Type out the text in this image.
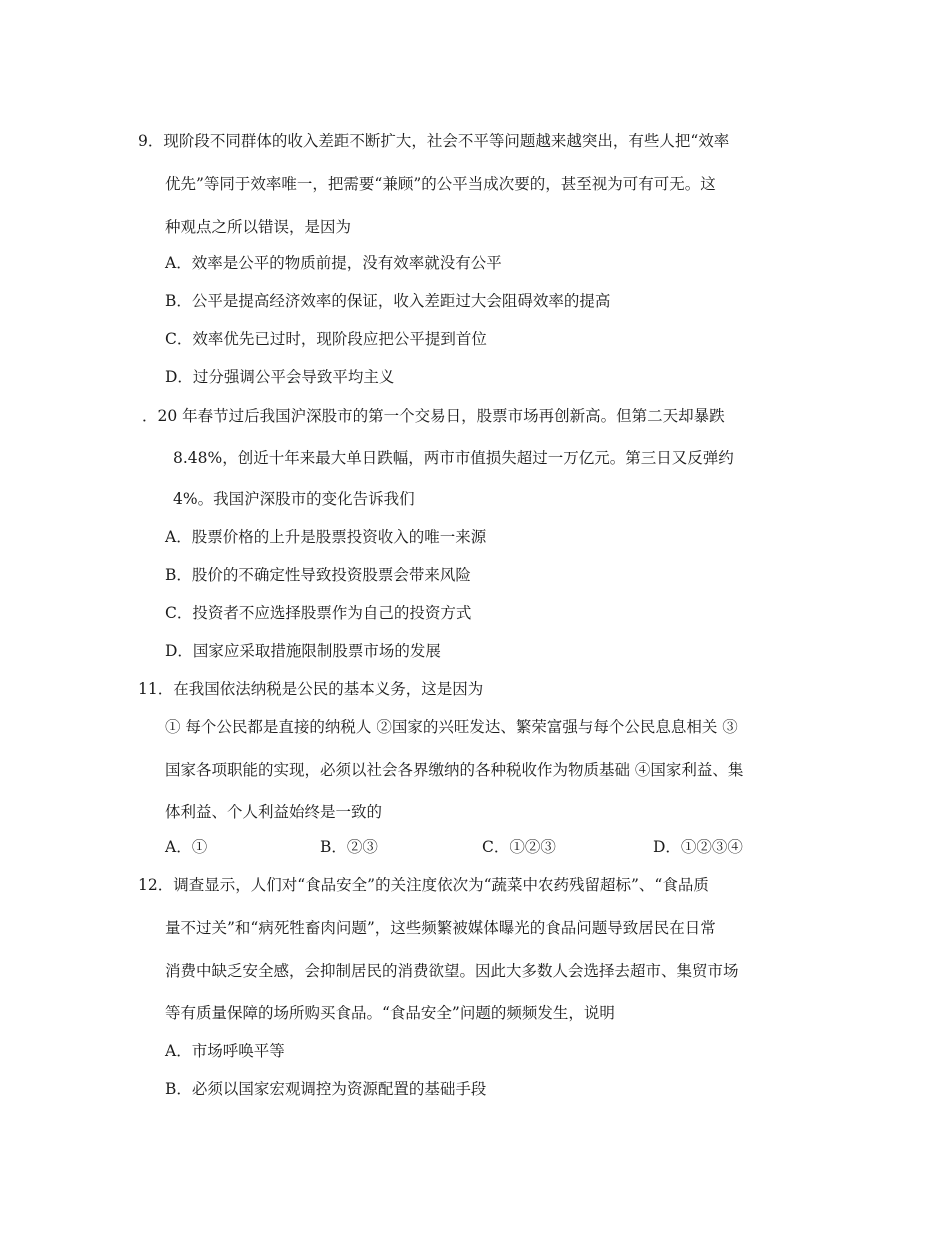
9．现阶段不同群体的收入差距不断扩大，社会不平等问题越来越突出，有些人把“效率
优先”等同于效率唯一，把需要“兼顾”的公平当成次要的，甚至视为可有可无。这
种观点之所以错误，是因为
A．效率是公平的物质前提，没有效率就没有公平
B．公平是提高经济效率的保证，收入差距过大会阻碍效率的提高
C．效率优先已过时，现阶段应把公平提到首位
D．过分强调公平会导致平均主义
．20 年春节过后我国沪深股市的第一个交易日，股票市场再创新高。但第二天却暴跌
8.48%，创近十年来最大单日跌幅，两市市值损失超过一万亿元。第三日又反弹约
4%。我国沪深股市的变化告诉我们
A．股票价格的上升是股票投资收入的唯一来源
B．股价的不确定性导致投资股票会带来风险
C．投资者不应选择股票作为自己的投资方式
D．国家应采取措施限制股票市场的发展
11．在我国依法纳税是公民的基本义务，这是因为
① 每个公民都是直接的纳税人 ②国家的兴旺发达、繁荣富强与每个公民息息相关 ③
国家各项职能的实现，必须以社会各界缴纳的各种税收作为物质基础 ④国家利益、集
体利益、个人利益始终是一致的
A．①	B．②③	C．①②③	D．①②③④
12．调查显示，人们对“食品安全”的关注度依次为“蔬菜中农药残留超标”、“食品质
量不过关”和“病死牲畜肉问题”，这些频繁被媒体曝光的食品问题导致居民在日常
消费中缺乏安全感，会抑制居民的消费欲望。因此大多数人会选择去超市、集贸市场
等有质量保障的场所购买食品。“食品安全”问题的频频发生，说明
A．市场呼唤平等
B．必须以国家宏观调控为资源配置的基础手段
